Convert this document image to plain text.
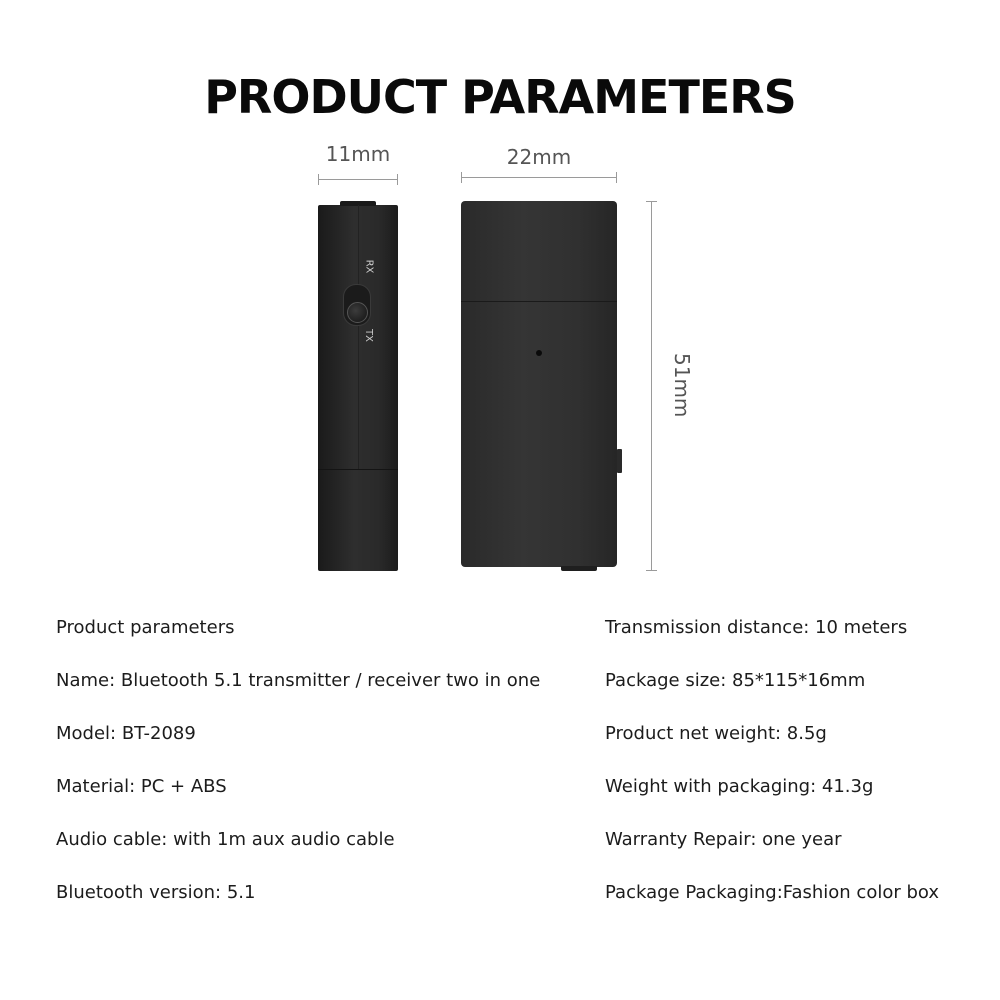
PRODUCT PARAMETERS
11mm	22mm
51mm
RX
TX
Product parameters
Name: Bluetooth 5.1 transmitter / receiver two in one
Model: BT-2089
Material: PC + ABS
Audio cable: with 1m aux audio cable
Bluetooth version: 5.1
Transmission distance: 10 meters
Package size: 85*115*16mm
Product net weight: 8.5g
Weight with packaging: 41.3g
Warranty Repair: one year
Package Packaging:Fashion color box
